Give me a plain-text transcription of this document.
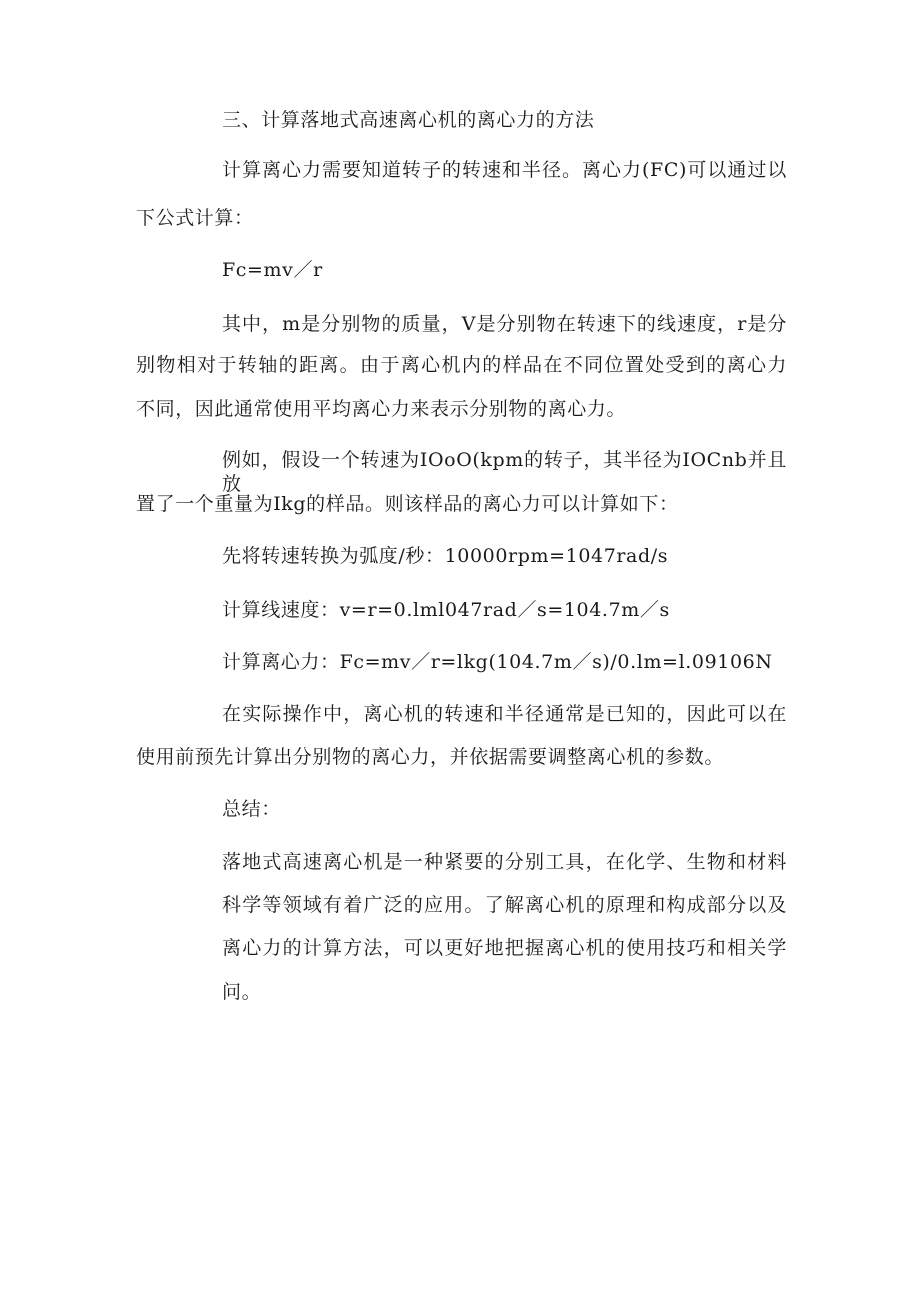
三、计算落地式高速离心机的离心力的方法
计算离心力需要知道转子的转速和半径。离心力(FC)可以通过以
下公式计算：
Fc=mv／r
其中，m是分别物的质量，V是分别物在转速下的线速度，r是分
别物相对于转轴的距离。由于离心机内的样品在不同位置处受到的离心力
不同，因此通常使用平均离心力来表示分别物的离心力。
例如，假设一个转速为IOoO(kpm的转子，其半径为IOCnb并且放
置了一个重量为Ikg的样品。则该样品的离心力可以计算如下：
先将转速转换为弧度/秒：10000rpm=1047rad/s
计算线速度：v=r=0.lml047rad／s=104.7m／s
计算离心力：Fc=mv／r=lkg(104.7m／s)/0.lm=l.09106N
在实际操作中，离心机的转速和半径通常是已知的，因此可以在
使用前预先计算出分别物的离心力，并依据需要调整离心机的参数。
总结：
落地式高速离心机是一种紧要的分别工具，在化学、生物和材料
科学等领域有着广泛的应用。了解离心机的原理和构成部分以及
离心力的计算方法，可以更好地把握离心机的使用技巧和相关学
问。
